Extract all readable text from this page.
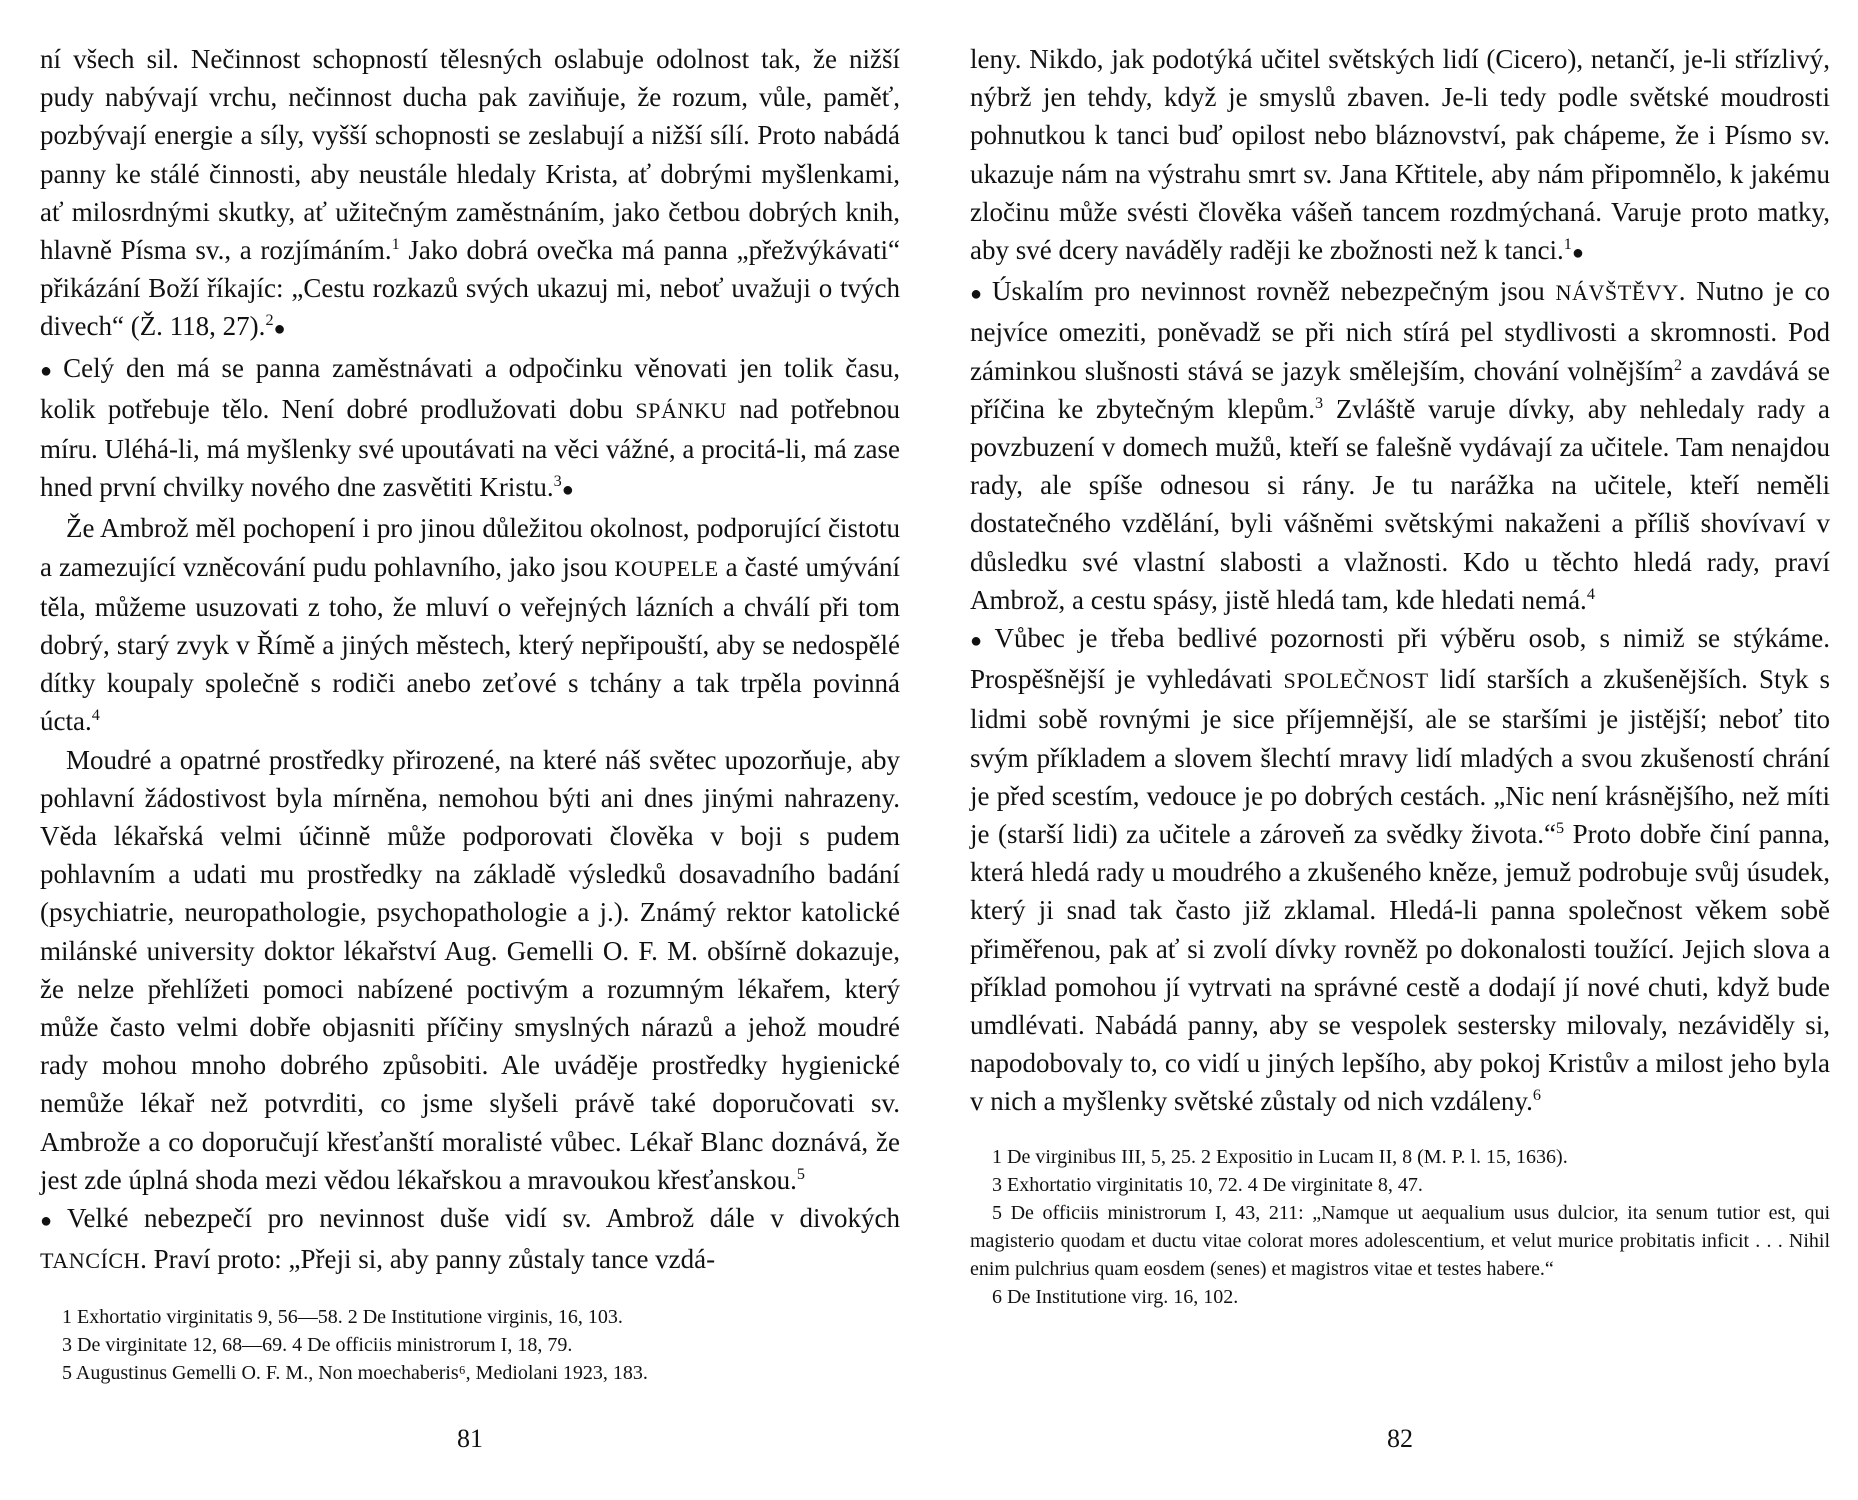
ní všech sil. Nečinnost schopností tělesných oslabuje odolnost tak, že nižší pudy nabývají vrchu, nečinnost ducha pak zaviňuje, že rozum, vůle, paměť, pozbývají energie a síly, vyšší schopnosti se zeslabují a nižší sílí. Proto nabádá panny ke stálé činnosti, aby neustále hledaly Krista, ať dobrými myšlenkami, ať milosrdnými skutky, ať užitečným zaměstnáním, jako četbou dobrých knih, hlavně Písma sv., a rozjímáním.$^1$ Jako dobrá ovečka má panna „přežvýkávati“ přikázání Boží říkajíc: „Cestu rozkazů svých ukazuj mi, neboť uvažuji o tvých divech“ (Ž. 118, 27).$^2$●

● Celý den má se panna zaměstnávati a odpočinku věnovati jen tolik času, kolik potřebuje tělo. Není dobré prodlužovati dobu SPÁNKU nad potřebnou míru. Uléhá-li, má myšlenky své upoutávati na věci vážné, a procitá-li, má zase hned první chvilky nového dne zasvětiti Kristu.$^3$●

Že Ambrož měl pochopení i pro jinou důležitou okolnost, podporující čistotu a zamezující vzněcování pudu pohlavního, jako jsou KOUPELE a časté umývání těla, můžeme usuzovati z toho, že mluví o veřejných lázních a chválí při tom dobrý, starý zvyk v Římě a jiných městech, který nepřipouští, aby se nedospělé dítky koupaly společně s rodiči anebo zeťové s tchány a tak trpěla povinná úcta.$^4$

Moudré a opatrné prostředky přirozené, na které náš světec upozorňuje, aby pohlavní žádostivost byla mírněna, nemohou býti ani dnes jinými nahrazeny. Věda lékařská velmi účinně může podporovati člověka v boji s pudem pohlavním a udati mu prostředky na základě výsledků dosavadního badání (psychiatrie, neuropathologie, psychopathologie a j.). Známý rektor katolické milánské university doktor lékařství Aug. Gemelli O. F. M. obšírně dokazuje, že nelze přehlížeti pomoci nabízené poctivým a rozumným lékařem, který může často velmi dobře objasniti příčiny smyslných nárazů a jehož moudré rady mohou mnoho dobrého způsobiti. Ale uváděje prostředky hygienické nemůže lékař než potvrditi, co jsme slyšeli právě také doporučovati sv. Ambrože a co doporučují křesťanští moralisté vůbec. Lékař Blanc doznává, že jest zde úplná shoda mezi vědou lékařskou a mravoukou křesťanskou.$^5$

● Velké nebezpečí pro nevinnost duše vidí sv. Ambrož dále v divokých TANCÍCH. Praví proto: „Přeji si, aby panny zůstaly tance vzdá-

1 Exhortatio virginitatis 9, 56—58. 2 De Institutione virginis, 16, 103.

3 De virginitate 12, 68—69. 4 De officiis ministrorum I, 18, 79.

5 Augustinus Gemelli O. F. M., Non moechaberis⁶, Mediolani 1923, 183.

81

leny. Nikdo, jak podotýká učitel světských lidí (Cicero), netančí, je-li střízlivý, nýbrž jen tehdy, když je smyslů zbaven. Je-li tedy podle světské moudrosti pohnutkou k tanci buď opilost nebo bláznovství, pak chápeme, že i Písmo sv. ukazuje nám na výstrahu smrt sv. Jana Křtitele, aby nám připomnělo, k jakému zločinu může svésti člověka vášeň tancem rozdmýchaná. Varuje proto matky, aby své dcery naváděly raději ke zbožnosti než k tanci.$^1$●

● Úskalím pro nevinnost rovněž nebezpečným jsou NÁVŠTĚVY. Nutno je co nejvíce omeziti, poněvadž se při nich stírá pel stydlivosti a skromnosti. Pod záminkou slušnosti stává se jazyk smělejším, chování volnějším$^2$ a zavdává se příčina ke zbytečným klepům.$^3$ Zvláště varuje dívky, aby nehledaly rady a povzbuzení v domech mužů, kteří se falešně vydávají za učitele. Tam nenajdou rady, ale spíše odnesou si rány. Je tu narážka na učitele, kteří neměli dostatečného vzdělání, byli vášněmi světskými nakaženi a příliš shovívaví v důsledku své vlastní slabosti a vlažnosti. Kdo u těchto hledá rady, praví Ambrož, a cestu spásy, jistě hledá tam, kde hledati nemá.$^4$

● Vůbec je třeba bedlivé pozornosti při výběru osob, s nimiž se stýkáme. Prospěšnější je vyhledávati SPOLEČNOST lidí starších a zkušenějších. Styk s lidmi sobě rovnými je sice příjemnější, ale se staršími je jistější; neboť tito svým příkladem a slovem šlechtí mravy lidí mladých a svou zkušeností chrání je před scestím, vedouce je po dobrých cestách. „Nic není krásnějšího, než míti je (starší lidi) za učitele a zároveň za svědky života.“$^5$ Proto dobře činí panna, která hledá rady u moudrého a zkušeného kněze, jemuž podrobuje svůj úsudek, který ji snad tak často již zklamal. Hledá-li panna společnost věkem sobě přiměřenou, pak ať si zvolí dívky rovněž po dokonalosti toužící. Jejich slova a příklad pomohou jí vytrvati na správné cestě a dodají jí nové chuti, když bude umdlévati. Nabádá panny, aby se vespolek sestersky milovaly, nezáviděly si, napodobovaly to, co vidí u jiných lepšího, aby pokoj Kristův a milost jeho byla v nich a myšlenky světské zůstaly od nich vzdáleny.$^6$

1 De virginibus III, 5, 25. 2 Expositio in Lucam II, 8 (M. P. l. 15, 1636).

3 Exhortatio virginitatis 10, 72. 4 De virginitate 8, 47.

5 De officiis ministrorum I, 43, 211: „Namque ut aequalium usus dulcior, ita senum tutior est, qui magisterio quodam et ductu vitae colorat mores adolescentium, et velut murice probitatis inficit . . . Nihil enim pulchrius quam eosdem (senes) et magistros vitae et testes habere.“

6 De Institutione virg. 16, 102.

82
